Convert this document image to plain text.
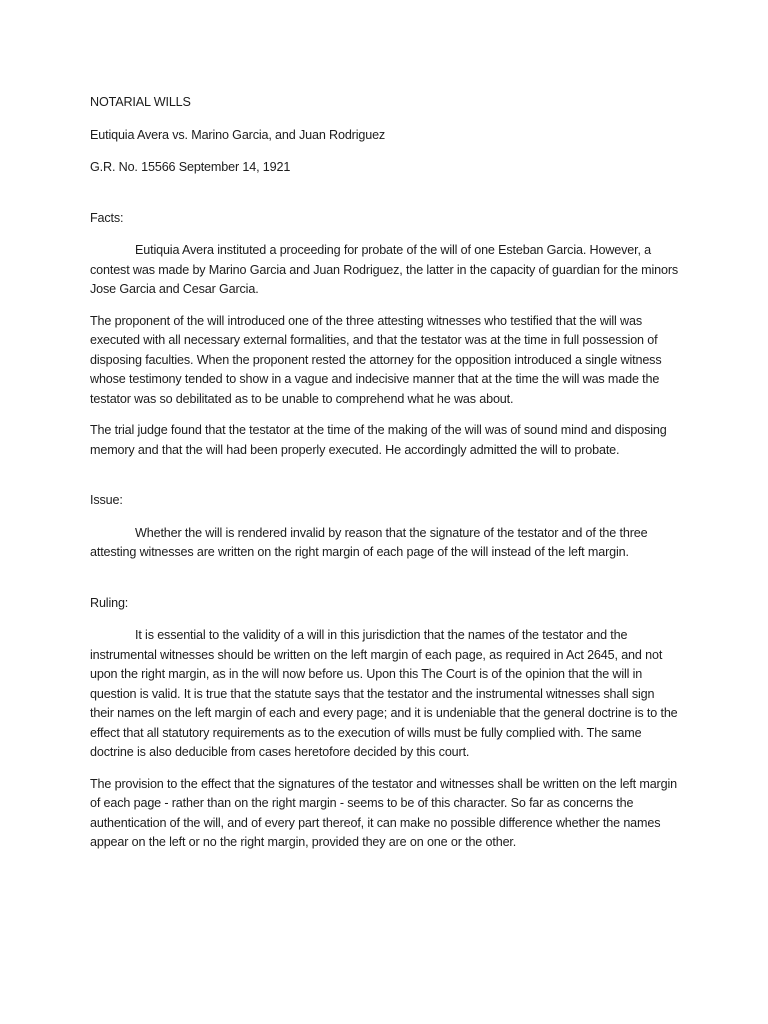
NOTARIAL WILLS

Eutiquia Avera vs. Marino Garcia, and Juan Rodriguez

G.R. No. 15566 September 14, 1921

Facts:

Eutiquia Avera instituted a proceeding for probate of the will of one Esteban Garcia. However, a contest was made by Marino Garcia and Juan Rodriguez, the latter in the capacity of guardian for the minors Jose Garcia and Cesar Garcia.

The proponent of the will introduced one of the three attesting witnesses who testified that the will was executed with all necessary external formalities, and that the testator was at the time in full possession of disposing faculties. When the proponent rested the attorney for the opposition introduced a single witness whose testimony tended to show in a vague and indecisive manner that at the time the will was made the testator was so debilitated as to be unable to comprehend what he was about.

The trial judge found that the testator at the time of the making of the will was of sound mind and disposing memory and that the will had been properly executed. He accordingly admitted the will to probate.

Issue:

Whether the will is rendered invalid by reason that the signature of the testator and of the three attesting witnesses are written on the right margin of each page of the will instead of the left margin.

Ruling:

It is essential to the validity of a will in this jurisdiction that the names of the testator and the instrumental witnesses should be written on the left margin of each page, as required in Act 2645, and not upon the right margin, as in the will now before us. Upon this The Court is of the opinion that the will in question is valid. It is true that the statute says that the testator and the instrumental witnesses shall sign their names on the left margin of each and every page; and it is undeniable that the general doctrine is to the effect that all statutory requirements as to the execution of wills must be fully complied with. The same doctrine is also deducible from cases heretofore decided by this court.

The provision to the effect that the signatures of the testator and witnesses shall be written on the left margin of each page - rather than on the right margin - seems to be of this character. So far as concerns the authentication of the will, and of every part thereof, it can make no possible difference whether the names appear on the left or no the right margin, provided they are on one or the other.
